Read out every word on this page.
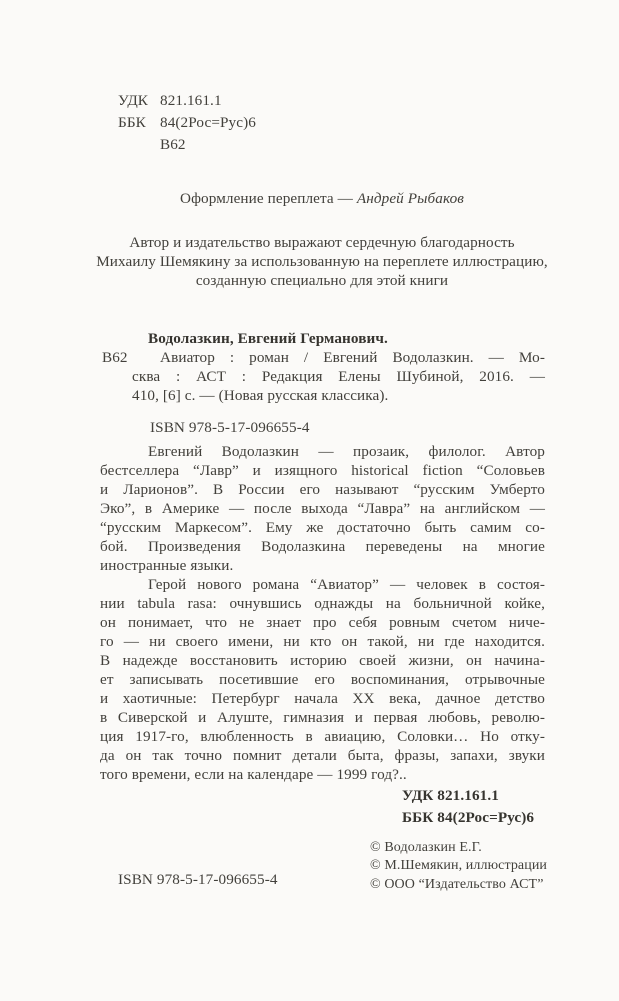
УДК 821.161.1
ББК 84(2Рос=Рус)6
В62
Оформление переплета — Андрей Рыбаков
Автор и издательство выражают сердечную благодарность
Михаилу Шемякину за использованную на переплете иллюстрацию,
созданную специально для этой книги
Водолазкин, Евгений Германович.
В62	Авиатор : роман / Евгений Водолазкин. — Мо-
сква : АСТ : Редакция Елены Шубиной, 2016. —
410, [6] с. — (Новая русская классика).
ISBN 978-5-17-096655-4
Евгений Водолазкин — прозаик, филолог. Автор
бестселлера “Лавр” и изящного historical fiction “Соловьев
и Ларионов”. В России его называют “русским Умберто
Эко”, в Америке — после выхода “Лавра” на английском —
“русским Маркесом”. Ему же достаточно быть самим со-
бой. Произведения Водолазкина переведены на многие
иностранные языки.
Герой нового романа “Авиатор” — человек в состоя-
нии tabula rasa: очнувшись однажды на больничной койке,
он понимает, что не знает про себя ровным счетом ниче-
го — ни своего имени, ни кто он такой, ни где находится.
В надежде восстановить историю своей жизни, он начина-
ет записывать посетившие его воспоминания, отрывочные
и хаотичные: Петербург начала XX века, дачное детство
в Сиверской и Алуште, гимназия и первая любовь, револю-
ция 1917-го, влюбленность в авиацию, Соловки… Но отку-
да он так точно помнит детали быта, фразы, запахи, звуки
того времени, если на календаре — 1999 год?..
УДК 821.161.1
ББК 84(2Рос=Рус)6
© Водолазкин Е.Г.
© М.Шемякин, иллюстрации
© ООО “Издательство АСТ”
ISBN 978-5-17-096655-4
